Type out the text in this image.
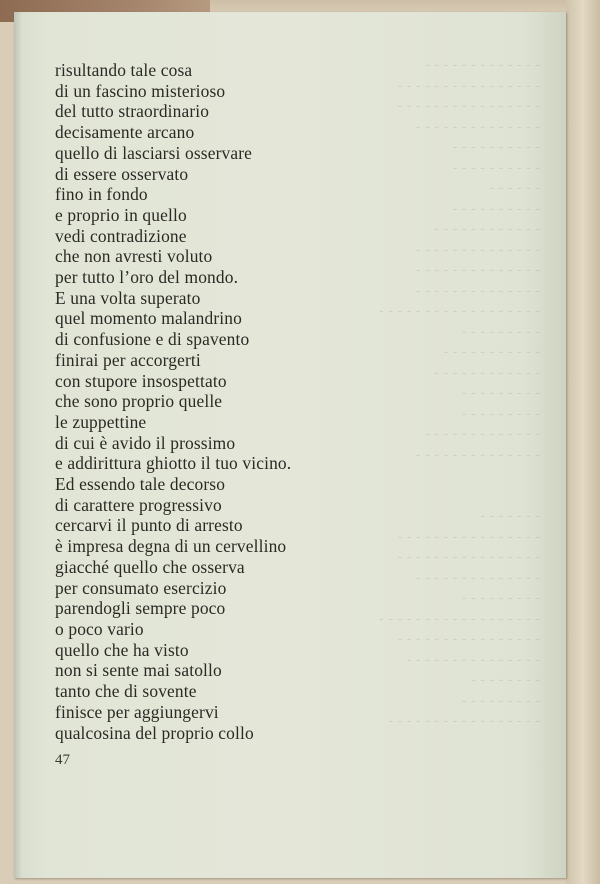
- - - - - - - - - - - - -
- - - - - - - - - - - - - - - -
- - - - - - - - - - - - - - - -
- - - - - - - - - - - - - -
- - - - - - - - - -
- - - - - - - - - -
- - - - - -
- - - - - - - - - -
- - - - - - - - - - - -
- - - - - - - - - - - - - -
- - - - - - - - - - - - - -
- - - - - - - - - - - - - -
- - - - - - - - - - - - - - - - - -
- - - - - - - - -
- - - - - - - - - - -
- - - - - - - - - - - -
- - - - - - - - -
- - - - - - - - -
- - - - - - - - - - - - -
- - - - - - - - - - - - - -

- - - - - - -
- - - - - - - - - - - - - - - -
- - - - - - - - - - - - - - - -
- - - - - - - - - - - - - -
- - - - - - - - -
- - - - - - - - - - - - - - - - - -
- - - - - - - - - - - - - - - -
- - - - - - - - - - - - - - -
- - - - - - - -
- - - - - - - - -
- - - - - - - - - - - - - - - - -
risultando tale cosa
di un fascino misterioso
del tutto straordinario
decisamente arcano
quello di lasciarsi osservare
di essere osservato
fino in fondo
e proprio in quello
vedi contradizione
che non avresti voluto
per tutto l’oro del mondo.
E una volta superato
quel momento malandrino
di confusione e di spavento
finirai per accorgerti
con stupore insospettato
che sono proprio quelle
le zuppettine
di cui è avido il prossimo
e addirittura ghiotto il tuo vicino.
Ed essendo tale decorso
di carattere progressivo
cercarvi il punto di arresto
è impresa degna di un cervellino
giacché quello che osserva
per consumato esercizio
parendogli sempre poco
o poco vario
quello che ha visto
non si sente mai satollo
tanto che di sovente
finisce per aggiungervi
qualcosina del proprio collo
47
